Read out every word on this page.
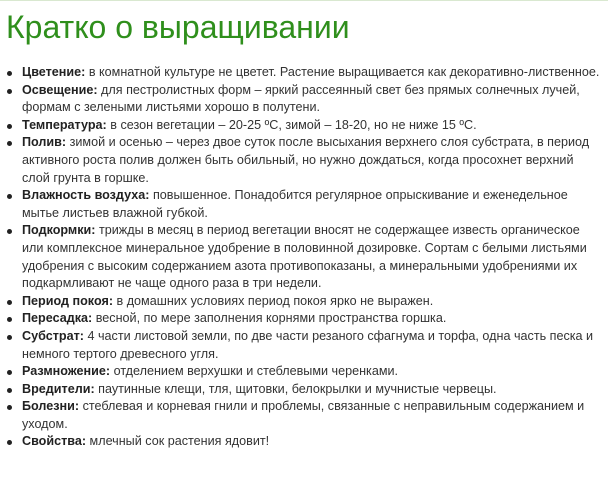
Кратко о выращивании
Цветение: в комнатной культуре не цветет. Растение выращивается как декоративно-лиственное.
Освещение: для пестролистных форм – яркий рассеянный свет без прямых солнечных лучей, формам с зелеными листьями хорошо в полутени.
Температура: в сезон вегетации – 20-25 ºC, зимой – 18-20, но не ниже 15 ºC.
Полив: зимой и осенью – через двое суток после высыхания верхнего слоя субстрата, в период активного роста полив должен быть обильный, но нужно дождаться, когда просохнет верхний слой грунта в горшке.
Влажность воздуха: повышенное. Понадобится регулярное опрыскивание и еженедельное мытье листьев влажной губкой.
Подкормки: трижды в месяц в период вегетации вносят не содержащее известь органическое или комплексное минеральное удобрение в половинной дозировке. Сортам с белыми листьями удобрения с высоким содержанием азота противопоказаны, а минеральными удобрениями их подкармливают не чаще одного раза в три недели.
Период покоя: в домашних условиях период покоя ярко не выражен.
Пересадка: весной, по мере заполнения корнями пространства горшка.
Субстрат: 4 части листовой земли, по две части резаного сфагнума и торфа, одна часть песка и немного тертого древесного угля.
Размножение: отделением верхушки и стеблевыми черенками.
Вредители: паутинные клещи, тля, щитовки, белокрылки и мучнистые червецы.
Болезни: стеблевая и корневая гнили и проблемы, связанные с неправильным содержанием и уходом.
Свойства: млечный сок растения ядовит!
